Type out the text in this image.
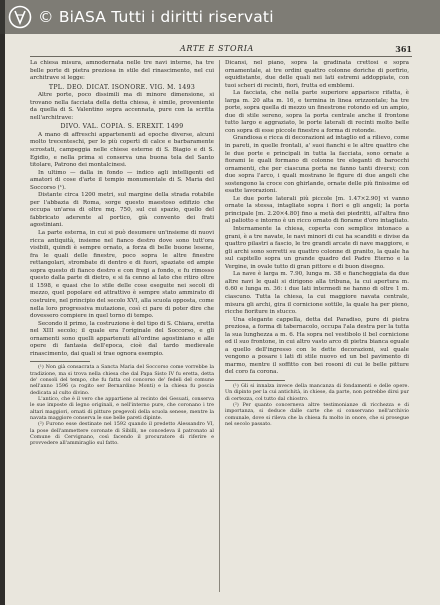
© BiASA Tutti i diritti riservati
ARTE E STORIA	361

La chiesa misura, amnodernata nelle tre navi interne, ha tre belle porte di pietra preziosa in stile del rinascimento, nel cui architrave si legge:

TPL. DEO. DICAT. ISONORE. VIG. M. 1493

Altre porte, poco dissimili ma di minore dimensione, si trovano nella facciata della detta chiesa, è simile, proveniente da quella di S. Valentino sopra accennata, pure con la scritta nell'architrave:

DIVO. VAL. COPIA. S. EREXIT. 1499

A mano di affreschi appartenenti ad epoche diverse, alcuni molto trecenteschi, per lo più coperti di calce e barbaramente scrostati, campeggia nelle chiese esterne di S. Biagio e di S. Egidio, e nella prima si conserva una buona tela del Santo titolare, Patrono dei montalcinesi.

In ultimo — dalla in fondo — indico agli intelligenti ed amatori di cose d'arte il tempio monumentale di S. Maria del Soccorso (¹).

Distante circa 1200 metri, sul margine della strada rotabile per l'abbazia di Roma, sorge questo maestoso edifizio che occupa un'area di oltre mq. 750, sul cui spazio, quello del fabbricato aderente al portico, già convento dei frati agostiniani.

La parte esterna, in cui si può desumere un'insieme di nuovi ricca antiquità, insieme nel fianco destro dove sono tutt'ora visibili, quindi è sempre ornato, a forza di belle buone lesene, fra le quali delle finestre, poco sopra le altre finestre rettangolari, strombate di dentro e di fuori, spaziate ed ampie sopra questo di fianco destro e con fregi a fondo, e fu rimosso questo dalla parte di dietro, e si fa cenno al lato che ritiro oltre il 1598, e quasi che lo stile delle cose eseguite nei secoli di mezzo, quel popolare ed attrattivo è sempre stato ammirato di costruire, nel principio del secolo XVI, alla scuola opposta, come nella loro progressiva mutazione, così ci pare di poter dire che dovessero compiere in quel torno di tempo.

Secondo il primo, la costruzione è del tipo di S. Chiara, eretta nel XIII secolo; il quale era l'originale del Soccorso, e gli ornamenti sono quelli appartenuti all'ordine agostiniano e alle opere di fantasia dell'epoca, cioè dal tardo medievale rinascimento, dai quali si trae ognora esempio.

(¹) Non già consacrata a Sancta Maria del Soccorso come vorrebbe la tradizione, ma si trova nella chiesa che dal Papa Sisto IV fu eretta, detta de' consoli del tempo, che fu fatta col concorso de' fedeli del comune nell'anno 1596 (a rogito ser Bernardino Monti) e la chiesa fu poscia dedicata al culto divino.

L'antico, che è il vero che appartiene al recinto dei Gesuati, conserva le sue imposte di legno originali, e nell'interno pure, che coronano i tre altari maggiori, ornati di pitture pregevoli della scuola senese, mentre la navata maggiore conserva le sue belle pareti dipinte.

(²) Furono esse destinate nel 1592 quando il predetto Alessandro VI, la pose dell'ammettere coronate di Sibilli, ne concedeva il patronato al Comune di Cervignano, così facendo il procuratore di riferire e provvedere all'ammiraglio sul fatto.

Dicansi, nel piano, sopra la gradinata crettosi e sopra ornamentale, ai tre ordini quattro colonne doriche di porfirio, equidistante, due delle quali nei lati estremi addoppiate, con tuoi scheri di recinti, fiori, frutta ed emblemi.

La facciata, che nella parte superiore apparisce rifatta, è larga m. 20 alta m. 16, e termina in linea orizzontale; ha tre porte, sopra quella di mezzo un finestrone rotondo ed un ampio, due di stile sereno, sopra la porta centrale anche il frontone tutto largo e aggraziato, le porte laterali di recinti molto belle con sopra di esse piccole finestre a forma di rotonde.

Grandiosa e ricca di decorazioni ad intaglio ed a rilievo, come in pareti, in quelle frontali, a' suoi fianchi e le altre quattro che le due porte e principali in tutta la facciata, sono ornate a fiorami le quali formano di colonne tre eleganti di barocchi ornamenti, che per ciascuna porta ne fanno tanti diversi; con due sopra l'arco, i quali mostrano le figure di due angeli che sostengono la croce con ghirlande, ornate delle più finissime ed esatte lavorazioni.

Le due porte laterali più piccole [m. 1.47×2.90] vi vanno ornate la stessa, intagliate sopra i fiori e gli angeli; la porta principale [m. 2.20×4.80] fino a metà dei piedritti, all'altra fino al paliotto e intorno è un ricco ornato di fiorame d'oro intagliato.

Internamente la chiesa, coperta con semplice intonaco a grani, è a tre navate, le navi minori di cui ha scanditi e divise da quattro pilastri a fascio, le tre grandi arcate di nave maggiore, e gli archi sono sorretti su quattro colonne di granito, la quale ha sul capitello sopra un grande quadro del Padre Eterno e la Vergine, in ovale tutto di gran pittore e di buon disegno.

La nave è larga m. 7.90, lunga m. 38 e fiancheggiata da due altre navi le quali si dirigono alla tribuna, la cui apertura m. 6.60 e lunga m. 36: i due lati intermedi ne hanno di oltre 1 m. ciascuno. Tutta la chiesa, la cui maggiore navata centrale, misura gli archi, gira il cornicione sottile, la quale ha per pieno, ricche fioriture in stucco.

Una elegante cappella, detta del Paradiso, pure di pietra preziosa, a forma di tabernacolo, occupa l'ala destra per la tutta la sua lunghezza a m. 6. Ha sopra nel vestibolo il bel cornicione ed il suo frontone, in cui altro vasto arco di pietra bianca eguale a quello dell'ingresso con le dette decorazioni, sul quale vengono a posare i lati di stile nuovo ed un bel pavimento di marmo, mentre il soffitto con bei rosoni di cui le belle pitture del coro fa corona.

(¹) Gli si innalza invece della mancanza di fondamenti e delle opere. Un dipinto per la cui antichità, in chiese, da parte, non potrebbe dirsi pur di certezza, col tutto dal chiostro.

(²) Per quanto concerneva altre testimonianze di ricchezza e di importanza, si deduce dalle carte che si conservano nell'archivio comunale, dove si rileva che la chiesa fu molto in onore, che si prosegue nel secolo passato.
